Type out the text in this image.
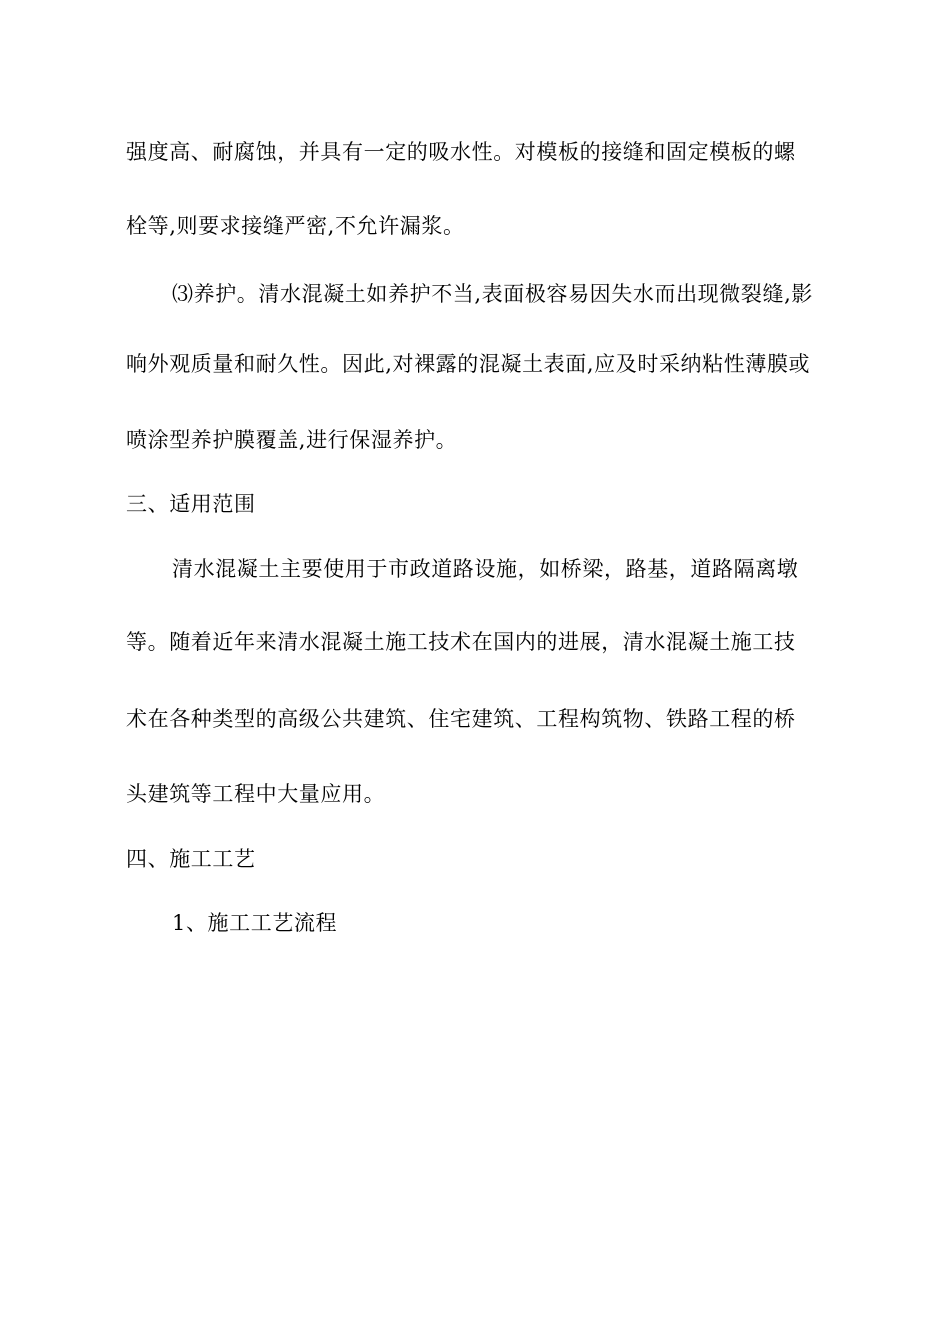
强度高、耐腐蚀，并具有一定的吸水性。对模板的接缝和固定模板的螺
栓等,则要求接缝严密,不允许漏浆。
⑶养护。清水混凝土如养护不当,表面极容易因失水而出现微裂缝,影
响外观质量和耐久性。因此,对裸露的混凝土表面,应及时采纳粘性薄膜或
喷涂型养护膜覆盖,进行保湿养护。
三、适用范围
清水混凝土主要使用于市政道路设施，如桥梁，路基，道路隔离墩
等。随着近年来清水混凝土施工技术在国内的进展，清水混凝土施工技
术在各种类型的高级公共建筑、住宅建筑、工程构筑物、铁路工程的桥
头建筑等工程中大量应用。
四、施工工艺
1、施工工艺流程
